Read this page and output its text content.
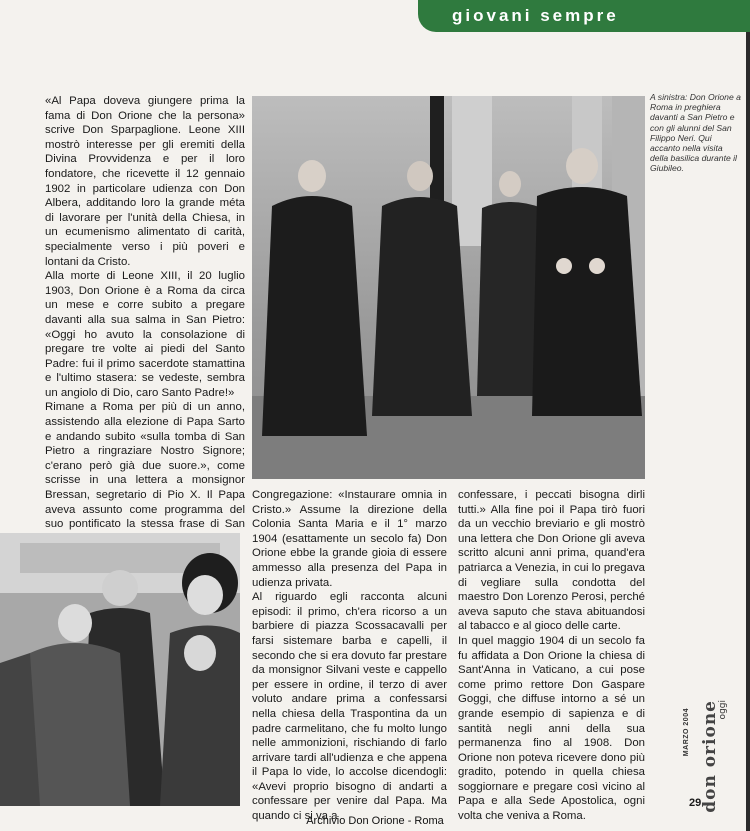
giovani sempre

«Al Papa doveva giungere prima la fama di Don Orione che la persona» scrive Don Sparpaglione. Leone XIII mostrò interesse per gli eremiti della Divina Provvidenza e per il loro fondatore, che ricevette il 12 gennaio 1902 in particolare udienza con Don Albera, additando loro la grande méta di lavorare per l'unità della Chiesa, in un ecumenismo alimentato di carità, specialmente verso i più poveri e lontani da Cristo.

Alla morte di Leone XIII, il 20 luglio 1903, Don Orione è a Roma da circa un mese e corre subito a pregare davanti alla sua salma in San Pietro: «Oggi ho avuto la consolazione di pregare tre volte ai piedi del Santo Padre: fui il primo sacerdote stamattina e l'ultimo stasera: se vedeste, sembra un angiolo di Dio, caro Santo Padre!»

Rimane a Roma per più di un anno, assistendo alla elezione di Papa Sarto e andando subito «sulla tomba di San Pietro a ringraziare Nostro Signore; c'erano però già due suore.», come scrisse in una lettera a monsignor Bressan, segretario di Pio X. Il Papa aveva assunto come programma del suo pontificato la stessa frase di San

A sinistra: Don Orione a Roma in preghiera davanti a San Pietro e con gli alunni del San Filippo Neri. Qui accanto nella visita della basilica durante il Giubileo.

Congregazione: «Instaurare omnia in Cristo.» Assume la direzione della Colonia Santa Maria e il 1° marzo 1904 (esattamente un secolo fa) Don Orione ebbe la grande gioia di essere ammesso alla presenza del Papa in udienza privata.

Al riguardo egli racconta alcuni episodi: il primo, ch'era ricorso a un barbiere di piazza Scossacavalli per farsi sistemare barba e capelli, il secondo che si era dovuto far prestare da monsignor Silvani veste e cappello per essere in ordine, il terzo di aver voluto andare prima a confessarsi nella chiesa della Traspontina da un padre carmelitano, che fu molto lungo nelle ammonizioni, rischiando di farlo arrivare tardi all'udienza e che appena il Papa lo vide, lo accolse dicendogli: «Avevi proprio bisogno di andarti a confessare per venire dal Papa. Ma quando ci si va a

confessare, i peccati bisogna dirli tutti.» Alla fine poi il Papa tirò fuori da un vecchio breviario e gli mostrò una lettera che Don Orione gli aveva scritto alcuni anni prima, quand'era patriarca a Venezia, in cui lo pregava di vegliare sulla condotta del maestro Don Lorenzo Perosi, perché aveva saputo che stava abituandosi al tabacco e al gioco delle carte.

In quel maggio 1904 di un secolo fa fu affidata a Don Orione la chiesa di Sant'Anna in Vaticano, a cui pose come primo rettore Don Gaspare Goggi, che diffuse intorno a sé un grande esempio di sapienza e di santità negli anni della sua permanenza fino al 1908. Don Orione non poteva ricevere dono più gradito, potendo in quella chiesa soggiornare e pregare così vicino al Papa e alla Sede Apostolica, ogni volta che veniva a Roma.

MARZO 2004 don orione
oggi
29
Archivio Don Orione - Roma
